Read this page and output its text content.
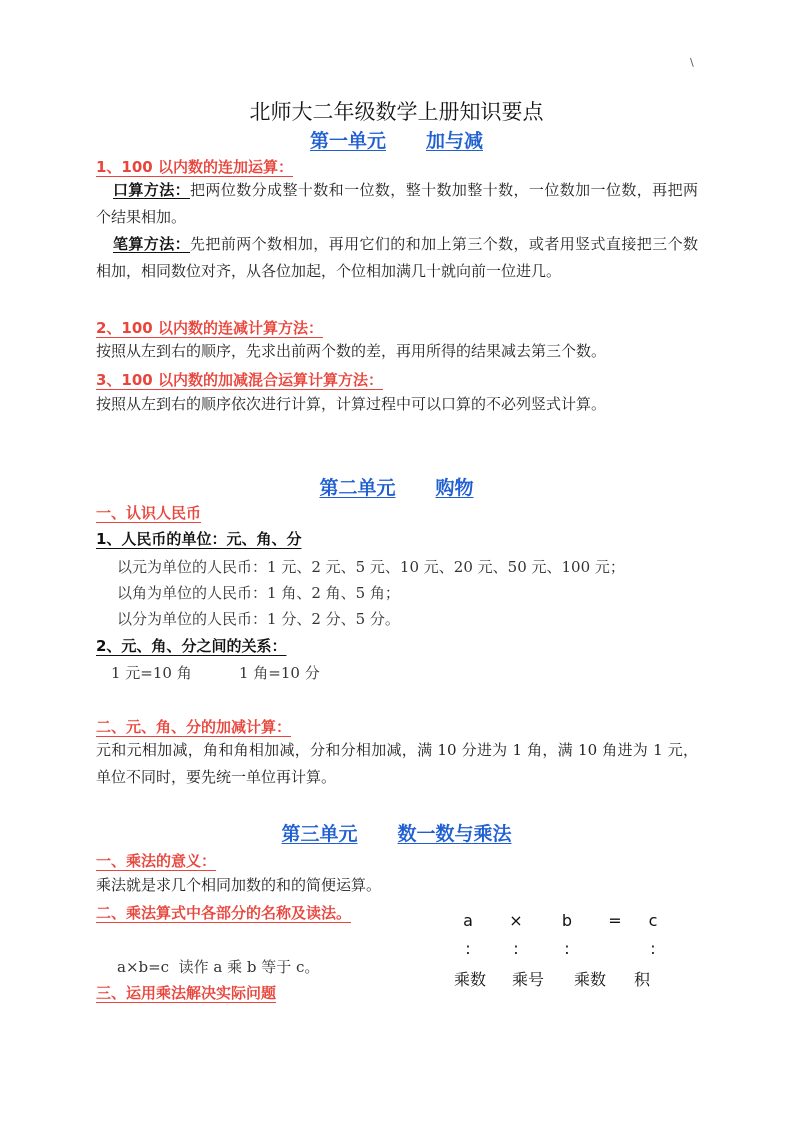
\
北师大二年级数学上册知识要点
第一单元 加与减
1、100 以内数的连加运算：
口算方法：把两位数分成整十数和一位数，整十数加整十数，一位数加一位数，再把两个结果相加。
笔算方法：先把前两个数相加，再用它们的和加上第三个数，或者用竖式直接把三个数相加，相同数位对齐，从各位加起，个位相加满几十就向前一位进几。
2、100 以内数的连减计算方法：
按照从左到右的顺序，先求出前两个数的差，再用所得的结果减去第三个数。
3、100 以内数的加减混合运算计算方法：
按照从左到右的顺序依次进行计算，计算过程中可以口算的不必列竖式计算。
第二单元 购物
一、认识人民币
1、人民币的单位：元、角、分
以元为单位的人民币：1 元、2 元、5 元、10 元、20 元、50 元、100 元；
以角为单位的人民币：1 角、2 角、5 角；
以分为单位的人民币：1 分、2 分、5 分。
2、元、角、分之间的关系：
1 元=10 角	1 角=10 分
二、元、角、分的加减计算：
元和元相加减，角和角相加减，分和分相加减，满 10 分进为 1 角，满 10 角进为 1 元，单位不同时，要先统一单位再计算。
第三单元 数一数与乘法
一、乘法的意义：
乘法就是求几个相同加数的和的简便运算。
二、乘法算式中各部分的名称及读法。
a×b=c  读作 a 乘 b 等于 c。
三、运用乘法解决实际问题
a	×	b	=	c
:	:	:	:
乘数	乘号	乘数	积
